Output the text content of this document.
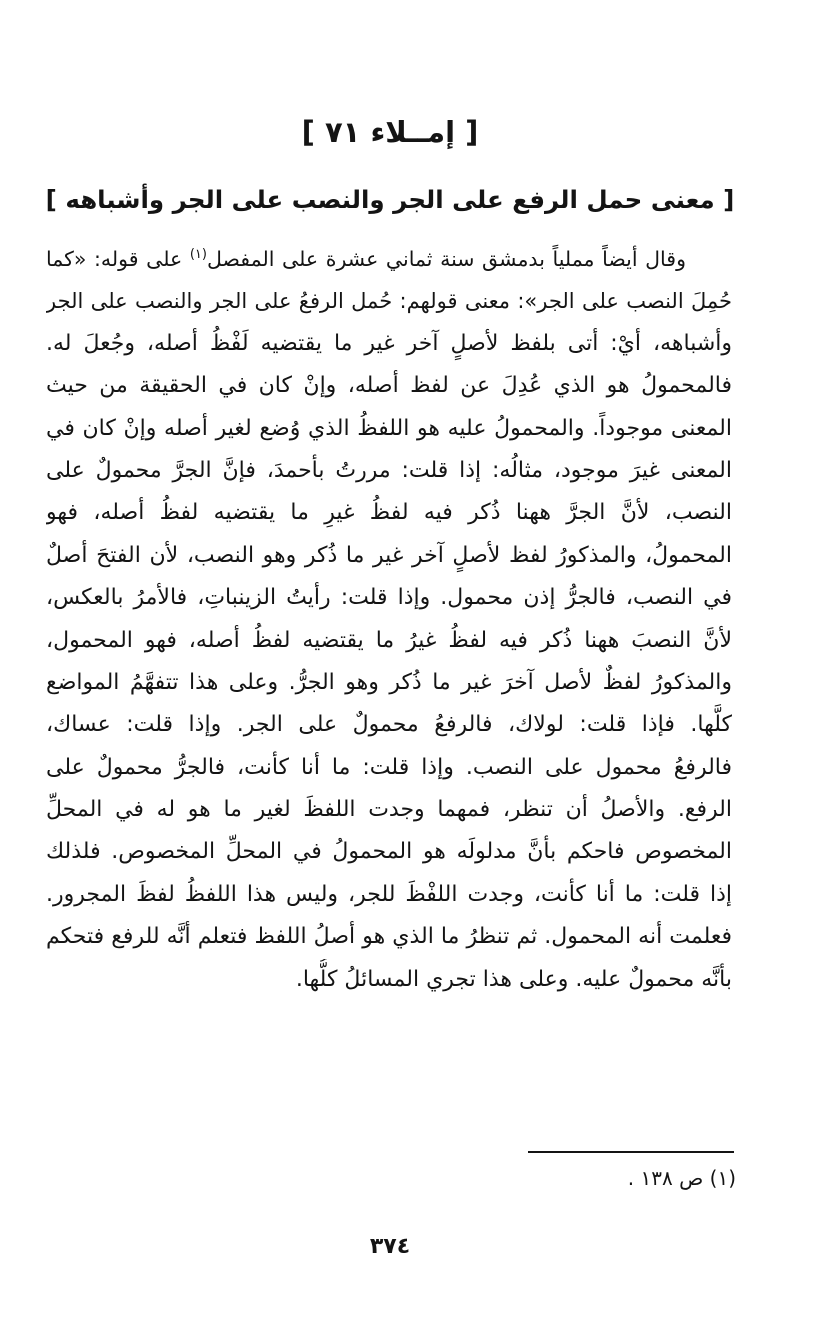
[ إمــلاء ٧١ ]
[ معنى حمل الرفع على الجر والنصب على الجر وأشباهه ]
وقال أيضاً مملياً بدمشق سنة ثماني عشرة على المفصل$^{(١)}$ على قوله: «كما
حُمِلَ النصب على الجر»: معنى قولهم: حُمل الرفعُ على الجر والنصب على الجر
وأشباهه، أيْ: أتى بلفظ لأصلٍ آخر غير ما يقتضيه لَفْظُ أصله، وجُعلَ له.
فالمحمولُ هو الذي عُدِلَ عن لفظ أصله، وإنْ كان في الحقيقة من حيث
المعنى موجوداً. والمحمولُ عليه هو اللفظُ الذي وُضع لغير أصله وإنْ كان في
المعنى غيرَ موجود، مثالُه: إذا قلت: مررتُ بأحمدَ، فإنَّ الجرَّ محمولٌ على
النصب، لأنَّ الجرَّ ههنا ذُكر فيه لفظُ غيرِ ما يقتضيه لفظُ أصله، فهو
المحمولُ، والمذكورُ لفظ لأصلٍ آخر غير ما ذُكر وهو النصب، لأن الفتحَ أصلٌ
في النصب، فالجرُّ إذن محمول. وإذا قلت: رأيتُ الزينباتِ، فالأمرُ بالعكس،
لأنَّ النصبَ ههنا ذُكر فيه لفظُ غيرُ ما يقتضيه لفظُ أصله، فهو المحمول،
والمذكورُ لفظٌ لأصل آخرَ غير ما ذُكر وهو الجرُّ. وعلى هذا تتفهَّمُ المواضع
كلَّها. فإذا قلت: لولاك، فالرفعُ محمولٌ على الجر. وإذا قلت: عساك،
فالرفعُ محمول على النصب. وإذا قلت: ما أنا كأنت، فالجرُّ محمولٌ على
الرفع. والأصلُ أن تنظر، فمهما وجدت اللفظَ لغير ما هو له في المحلِّ
المخصوص فاحكم بأنَّ مدلولَه هو المحمولُ في المحلِّ المخصوص. فلذلك
إذا قلت: ما أنا كأنت، وجدت اللفْظَ للجر، وليس هذا اللفظُ لفظَ المجرور.
فعلمت أنه المحمول. ثم تنظرُ ما الذي هو أصلُ اللفظ فتعلم أنَّه للرفع فتحكم
بأنَّه محمولٌ عليه. وعلى هذا تجري المسائلُ كلُّها.
(١) ص ١٣٨ .
٣٧٤
